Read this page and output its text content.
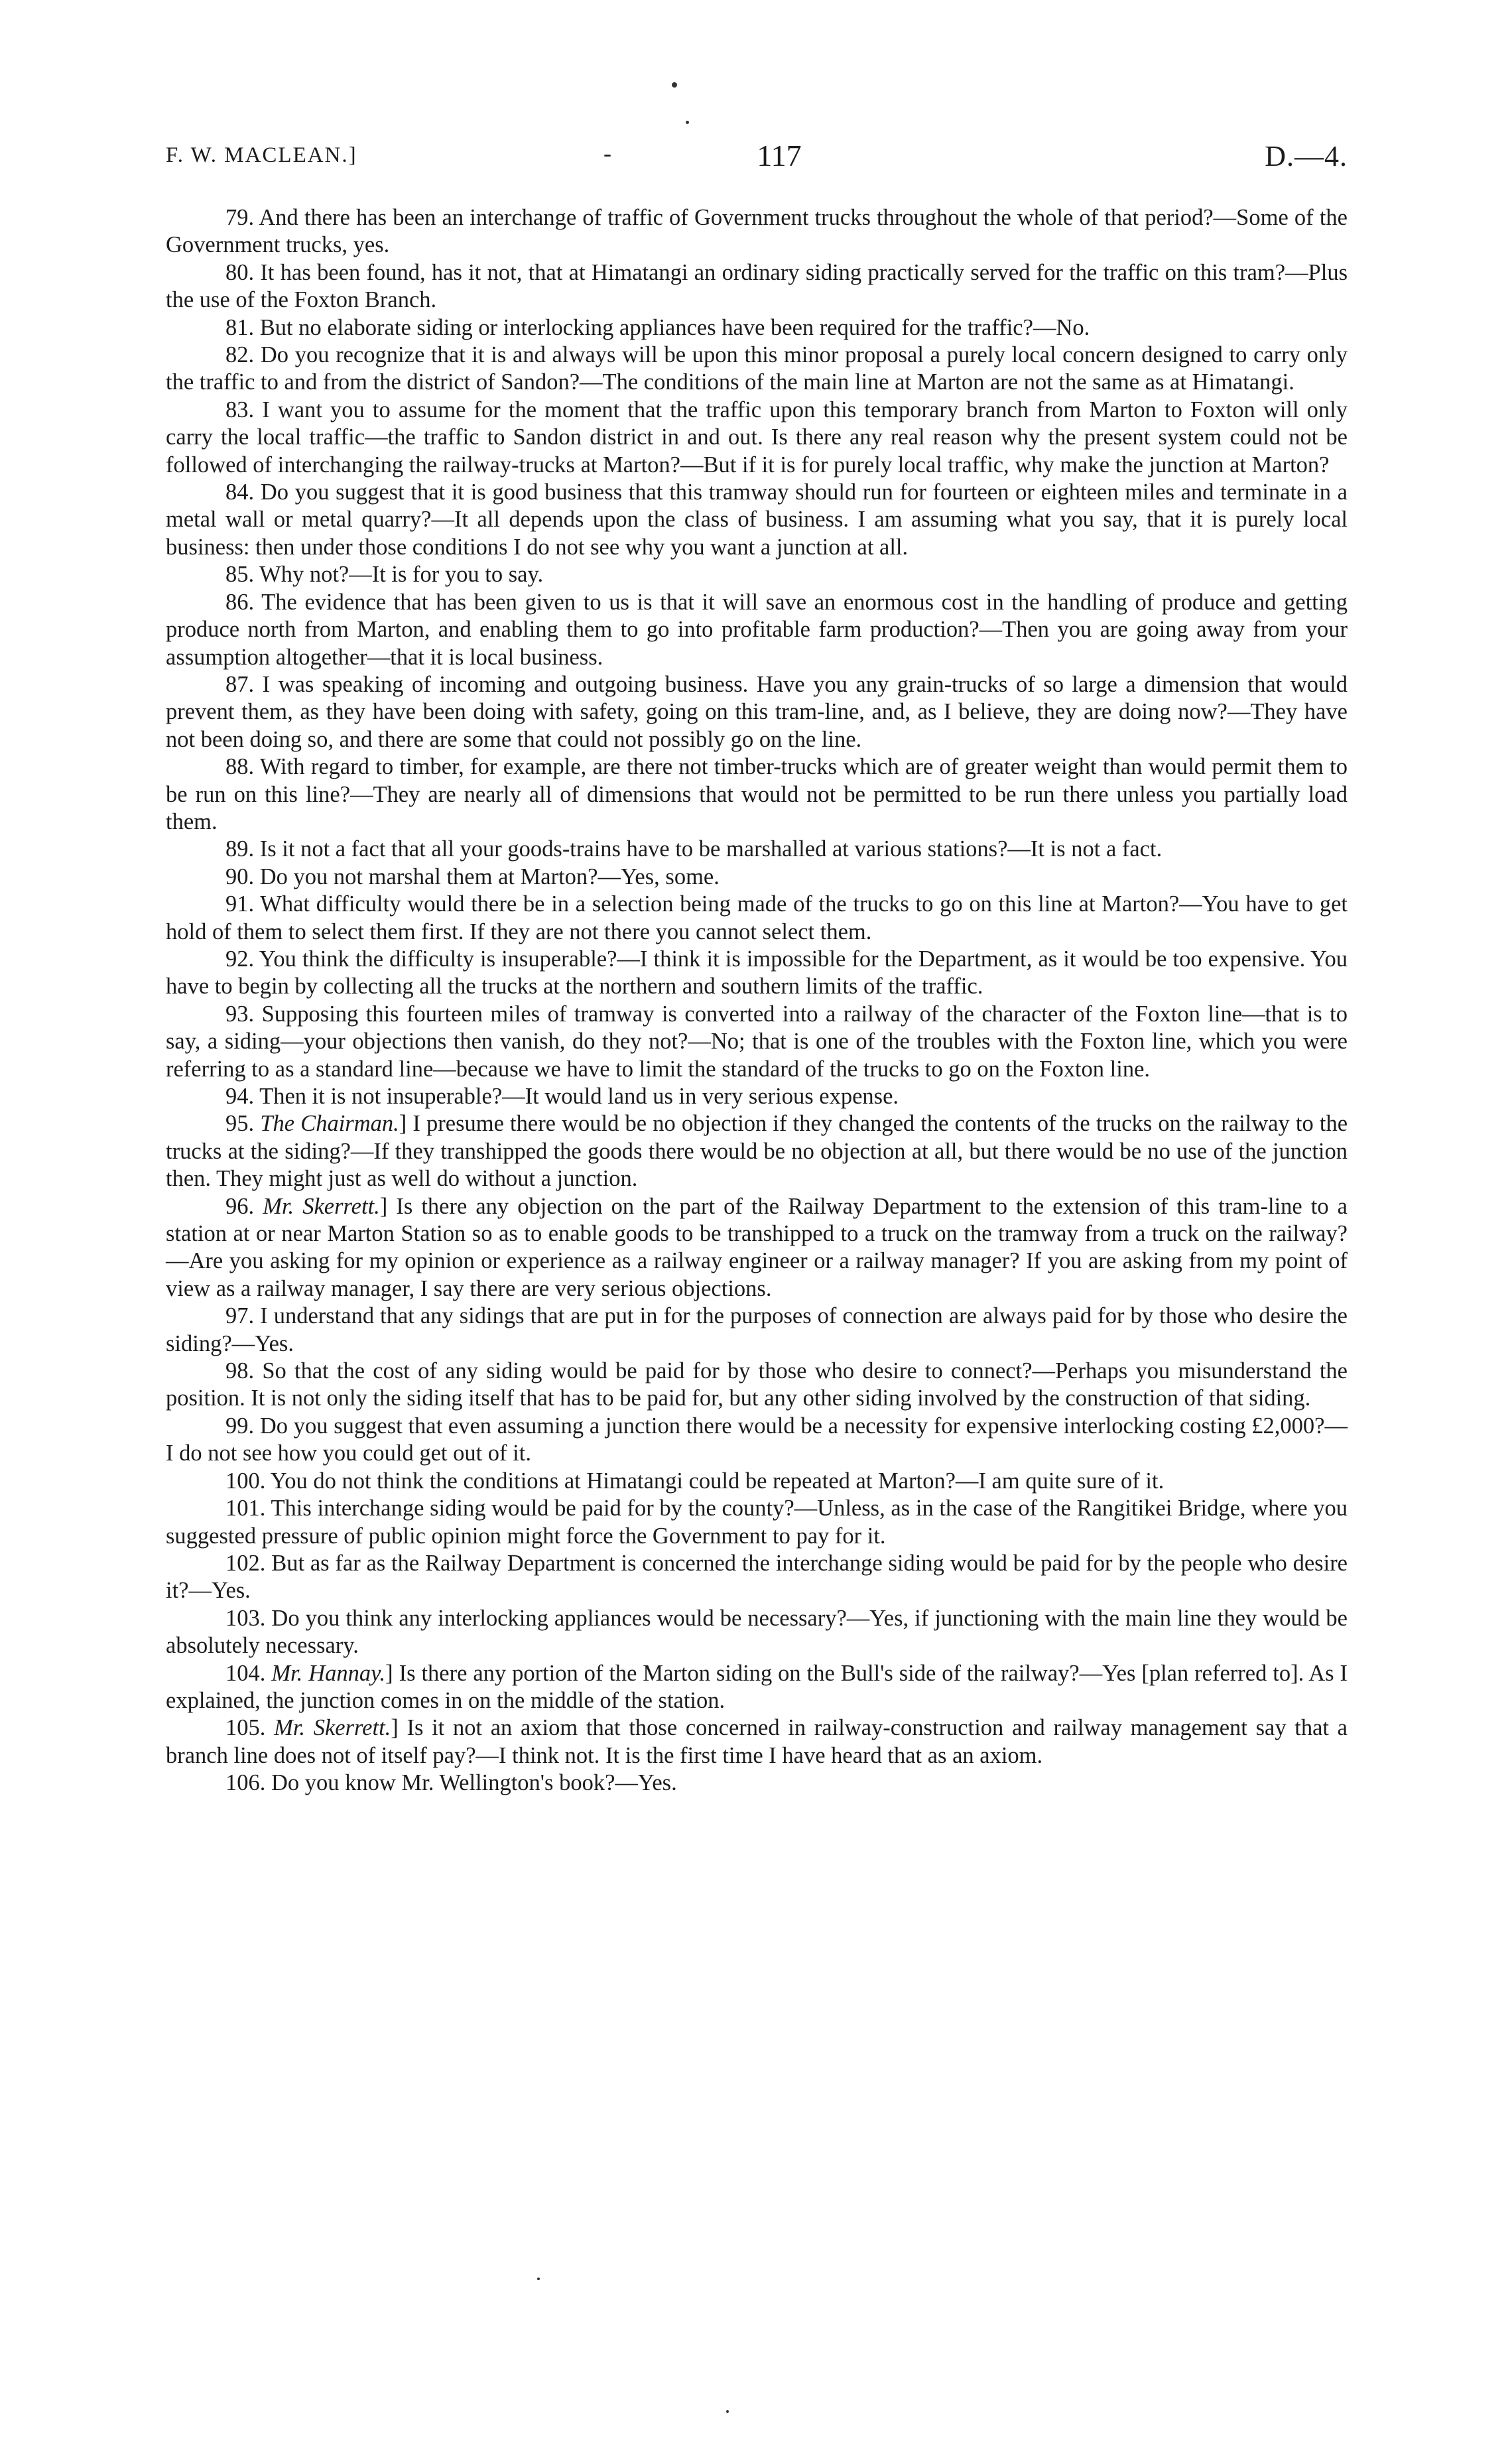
F. W. MACLEAN.]	-	117	D.—4.

79. And there has been an interchange of traffic of Government trucks throughout the whole of that period?—Some of the Government trucks, yes.

80. It has been found, has it not, that at Himatangi an ordinary siding practically served for the traffic on this tram?—Plus the use of the Foxton Branch.

81. But no elaborate siding or interlocking appliances have been required for the traffic?—No.

82. Do you recognize that it is and always will be upon this minor proposal a purely local concern designed to carry only the traffic to and from the district of Sandon?—The conditions of the main line at Marton are not the same as at Himatangi.

83. I want you to assume for the moment that the traffic upon this temporary branch from Marton to Foxton will only carry the local traffic—the traffic to Sandon district in and out. Is there any real reason why the present system could not be followed of interchanging the railway-trucks at Marton?—But if it is for purely local traffic, why make the junction at Marton?

84. Do you suggest that it is good business that this tramway should run for fourteen or eighteen miles and terminate in a metal wall or metal quarry?—It all depends upon the class of business. I am assuming what you say, that it is purely local business: then under those conditions I do not see why you want a junction at all.

85. Why not?—It is for you to say.

86. The evidence that has been given to us is that it will save an enormous cost in the handling of produce and getting produce north from Marton, and enabling them to go into profitable farm production?—Then you are going away from your assumption altogether—that it is local business.

87. I was speaking of incoming and outgoing business. Have you any grain-trucks of so large a dimension that would prevent them, as they have been doing with safety, going on this tram-line, and, as I believe, they are doing now?—They have not been doing so, and there are some that could not possibly go on the line.

88. With regard to timber, for example, are there not timber-trucks which are of greater weight than would permit them to be run on this line?—They are nearly all of dimensions that would not be permitted to be run there unless you partially load them.

89. Is it not a fact that all your goods-trains have to be marshalled at various stations?—It is not a fact.

90. Do you not marshal them at Marton?—Yes, some.

91. What difficulty would there be in a selection being made of the trucks to go on this line at Marton?—You have to get hold of them to select them first. If they are not there you cannot select them.

92. You think the difficulty is insuperable?—I think it is impossible for the Department, as it would be too expensive. You have to begin by collecting all the trucks at the northern and southern limits of the traffic.

93. Supposing this fourteen miles of tramway is converted into a railway of the character of the Foxton line—that is to say, a siding—your objections then vanish, do they not?—No; that is one of the troubles with the Foxton line, which you were referring to as a standard line—because we have to limit the standard of the trucks to go on the Foxton line.

94. Then it is not insuperable?—It would land us in very serious expense.

95. The Chairman.] I presume there would be no objection if they changed the contents of the trucks on the railway to the trucks at the siding?—If they transhipped the goods there would be no objection at all, but there would be no use of the junction then. They might just as well do without a junction.

96. Mr. Skerrett.] Is there any objection on the part of the Railway Department to the extension of this tram-line to a station at or near Marton Station so as to enable goods to be transhipped to a truck on the tramway from a truck on the railway?—Are you asking for my opinion or experience as a railway engineer or a railway manager? If you are asking from my point of view as a railway manager, I say there are very serious objections.

97. I understand that any sidings that are put in for the purposes of connection are always paid for by those who desire the siding?—Yes.

98. So that the cost of any siding would be paid for by those who desire to connect?—Perhaps you misunderstand the position. It is not only the siding itself that has to be paid for, but any other siding involved by the construction of that siding.

99. Do you suggest that even assuming a junction there would be a necessity for expensive interlocking costing £2,000?—I do not see how you could get out of it.

100. You do not think the conditions at Himatangi could be repeated at Marton?—I am quite sure of it.

101. This interchange siding would be paid for by the county?—Unless, as in the case of the Rangitikei Bridge, where you suggested pressure of public opinion might force the Government to pay for it.

102. But as far as the Railway Department is concerned the interchange siding would be paid for by the people who desire it?—Yes.

103. Do you think any interlocking appliances would be necessary?—Yes, if junctioning with the main line they would be absolutely necessary.

104. Mr. Hannay.] Is there any portion of the Marton siding on the Bull's side of the railway?—Yes [plan referred to]. As I explained, the junction comes in on the middle of the station.

105. Mr. Skerrett.] Is it not an axiom that those concerned in railway-construction and railway management say that a branch line does not of itself pay?—I think not. It is the first time I have heard that as an axiom.

106. Do you know Mr. Wellington's book?—Yes.
